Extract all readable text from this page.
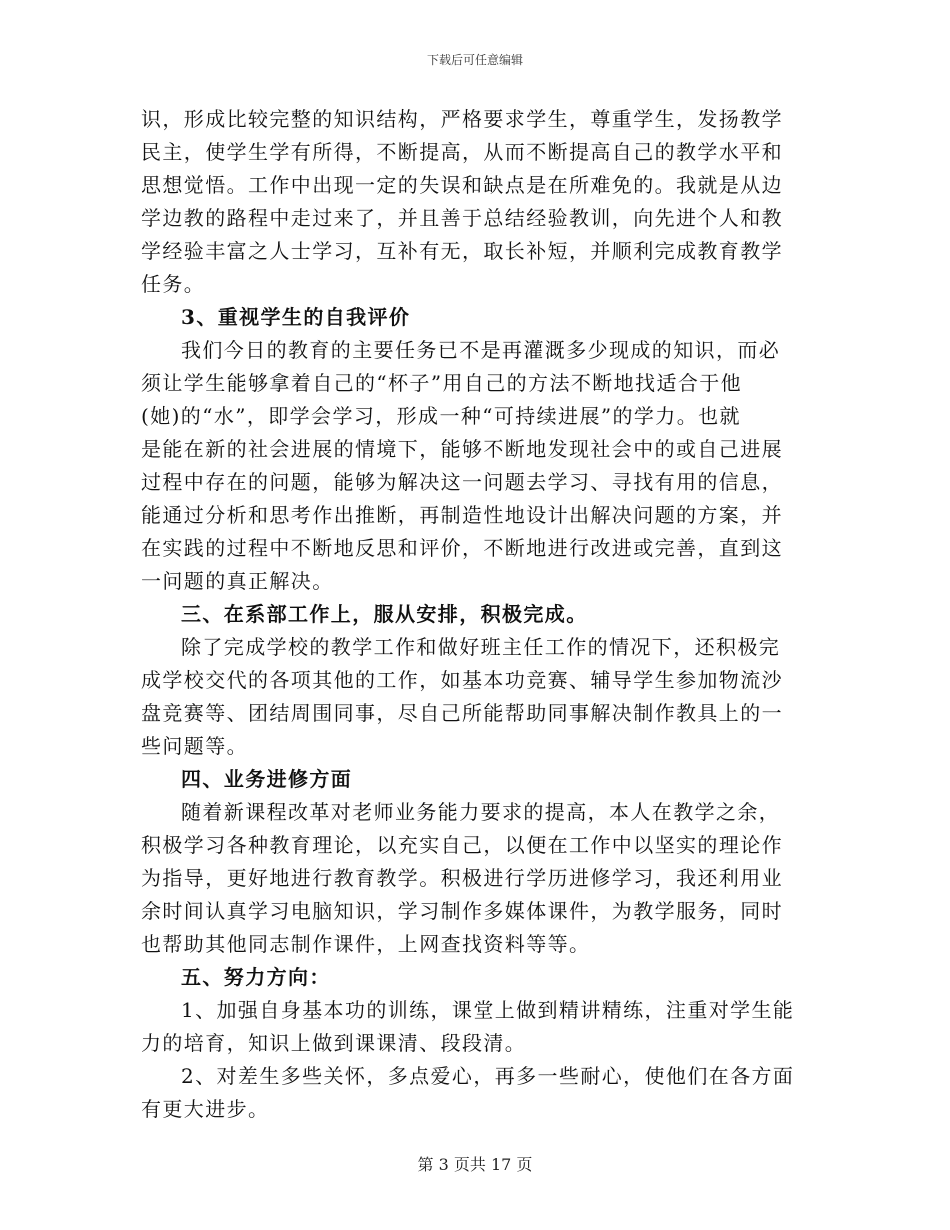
下载后可任意编辑
识，形成比较完整的知识结构，严格要求学生，尊重学生，发扬教学
民主，使学生学有所得，不断提高，从而不断提高自己的教学水平和
思想觉悟。工作中出现一定的失误和缺点是在所难免的。我就是从边
学边教的路程中走过来了，并且善于总结经验教训，向先进个人和教
学经验丰富之人士学习，互补有无，取长补短，并顺利完成教育教学
任务。
3、重视学生的自我评价
我们今日的教育的主要任务已不是再灌溉多少现成的知识，而必
须让学生能够拿着自己的“杯子”用自己的方法不断地找适合于他
(她)的“水”，即学会学习，形成一种“可持续进展”的学力。也就
是能在新的社会进展的情境下，能够不断地发现社会中的或自己进展
过程中存在的问题，能够为解决这一问题去学习、寻找有用的信息，
能通过分析和思考作出推断，再制造性地设计出解决问题的方案，并
在实践的过程中不断地反思和评价，不断地进行改进或完善，直到这
一问题的真正解决。
三、在系部工作上，服从安排，积极完成。
除了完成学校的教学工作和做好班主任工作的情况下，还积极完
成学校交代的各项其他的工作，如基本功竞赛、辅导学生参加物流沙
盘竞赛等、团结周围同事，尽自己所能帮助同事解决制作教具上的一
些问题等。
四、业务进修方面
随着新课程改革对老师业务能力要求的提高，本人在教学之余，
积极学习各种教育理论，以充实自己，以便在工作中以坚实的理论作
为指导，更好地进行教育教学。积极进行学历进修学习，我还利用业
余时间认真学习电脑知识，学习制作多媒体课件，为教学服务，同时
也帮助其他同志制作课件，上网查找资料等等。
五、努力方向：
1、加强自身基本功的训练，课堂上做到精讲精练，注重对学生能
力的培育，知识上做到课课清、段段清。
2、对差生多些关怀，多点爱心，再多一些耐心，使他们在各方面
有更大进步。
第 3 页共 17 页
